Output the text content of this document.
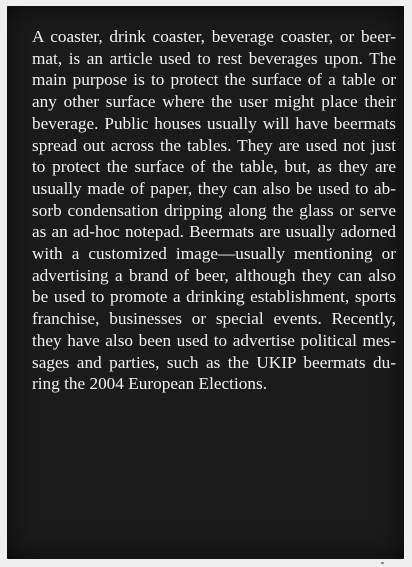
A coaster, drink coaster, beverage coaster, or beer-
mat, is an article used to rest beverages upon. The
main purpose is to protect the surface of a table or
any other surface where the user might place their
beverage. Public houses usually will have beermats
spread out across the tables. They are used not just
to protect the surface of the table, but, as they are
usually made of paper, they can also be used to ab-
sorb condensation dripping along the glass or serve
as an ad-hoc notepad. Beermats are usually adorned
with a customized image—usually mentioning or
advertising a brand of beer, although they can also
be used to promote a drinking establishment, sports
franchise, businesses or special events. Recently,
they have also been used to advertise political mes-
sages and parties, such as the UKIP beermats du-
ring the 2004 European Elections.
